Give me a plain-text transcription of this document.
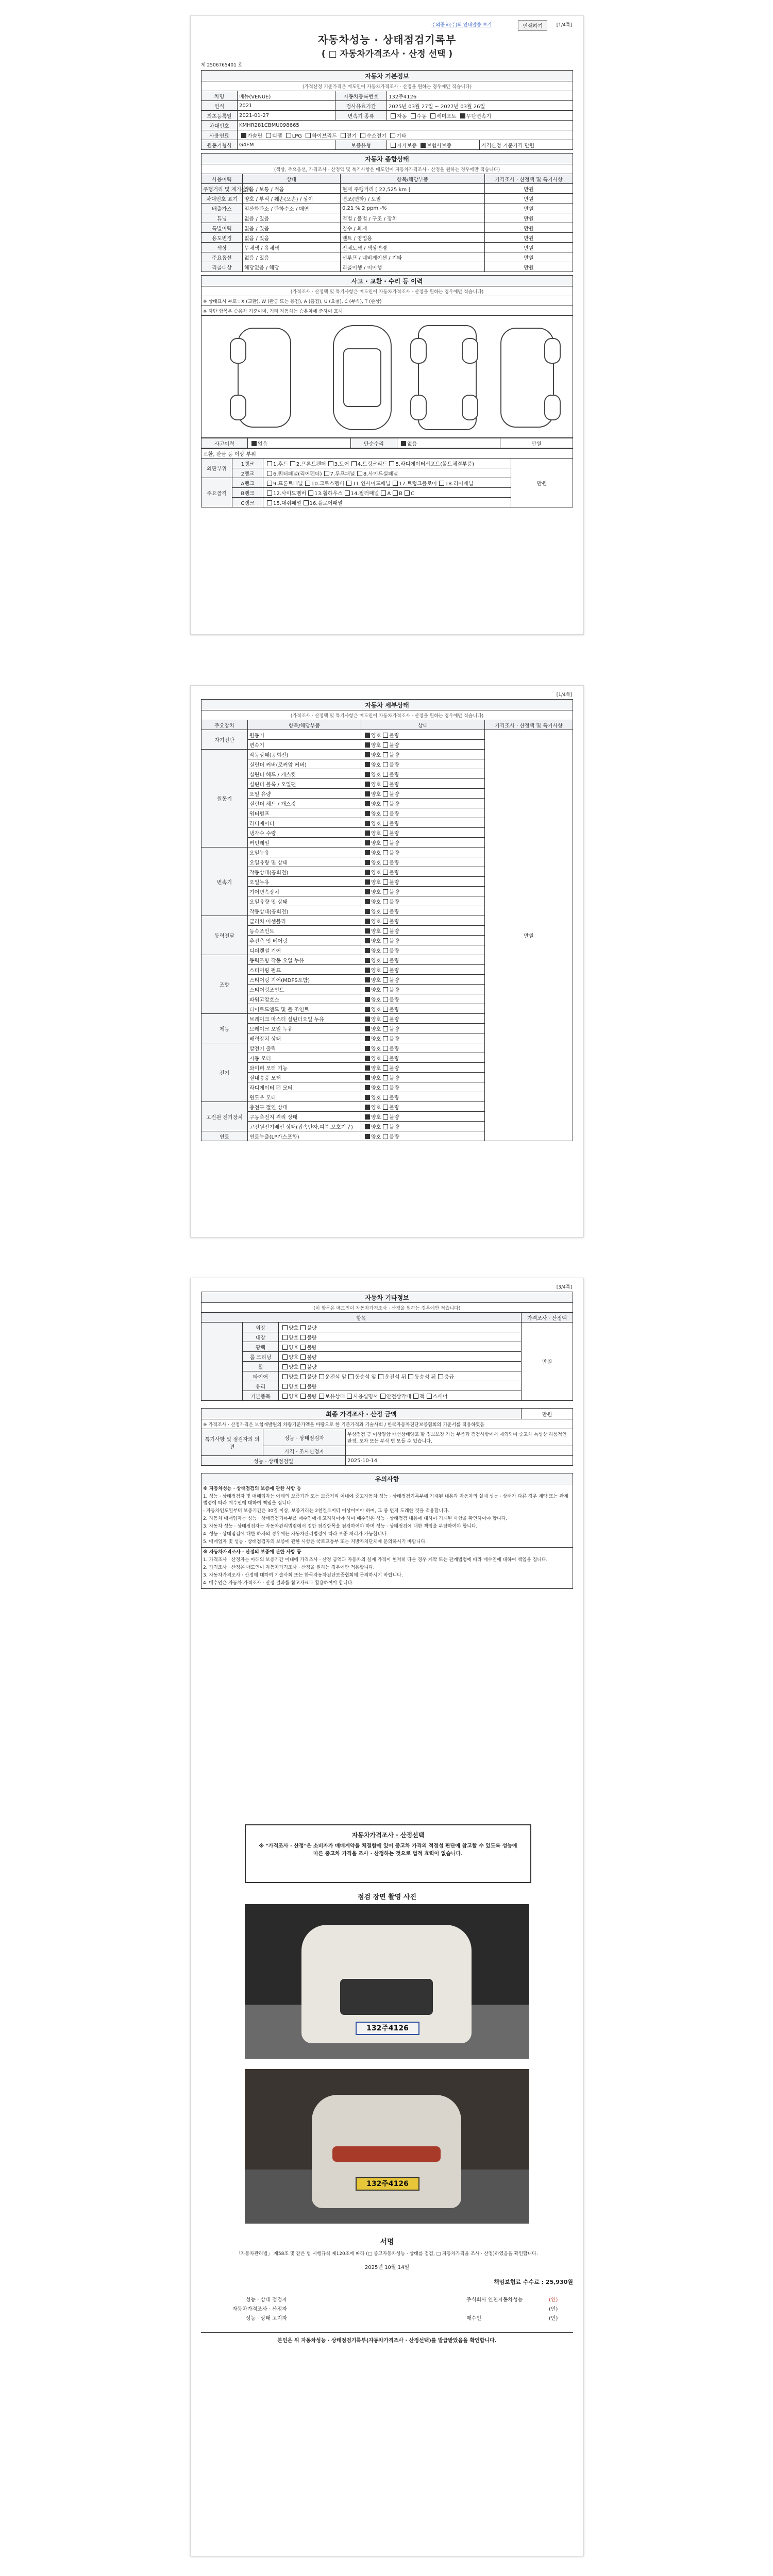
주의중요(주)의 안내말씀 보기	인쇄하기	[1/4쪽]
자동차성능 · 상태점검기록부
( □ 자동차가격조사 · 산정 선택 )
제 2506765401 호
자동차 기본정보				
(가격산정 기준가격은 매도인이 자동차가격조사 · 산정을 원하는 경우에만 적습니다)				
차명	베뉴(VENUE)	자동차등록번호	132주4126	
연식	2021	검사유효기간	2025년 03월 27일 ~ 2027년 03월 26일	
최초등록일	2021-01-27	변속기 종류	자동 수동 세미오토 무단변속기	
차대번호	KMHR281CBMU098665			
사용연료	가솔린 디젤 LPG 하이브리드 전기 수소전기 기타			
원동기형식	G4FM	보증유형	자가보증 보험사보증	가격산정 기준가격 만원
자동차 종합상태			
(색상, 주요옵션, 가격조사 · 산정액 및 특기사항은 매도인이 자동차가격조사 · 산정을 원하는 경우에만 적습니다)			
사용이력	상태	항목/해당부품	가격조사 · 산정액 및 특기사항
주행거리 및 계기상태	많음 / 보통 / 적음	현재 주행거리 [ 22,525 km ]	만원
차대번호 표기	양호 / 부식 / 훼손(오손) / 상이	변조(변타) / 도말	만원
배출가스	일산화탄소 / 탄화수소 / 매연	0.21 % 2 ppm -%	만원
튜닝	없음 / 있음	적법 / 불법 / 구조 / 장치	만원
특별이력	없음 / 있음	침수 / 화재	만원
용도변경	없음 / 있음	렌트 / 영업용	만원
색상	무채색 / 유채색	전체도색 / 색상변경	만원
주요옵션	없음 / 있음	선루프 / 네비게이션 / 기타	만원
리콜대상	해당없음 / 해당	리콜이행 / 미이행	만원
사고 · 교환 · 수리 등 이력
(가격조사 · 산정액 및 특기사항은 매도인이 자동차가격조사 · 산정을 원하는 경우에만 적습니다)
※ 상태표시 부호 : X (교환), W (판금 또는 용접), A (흠집), U (요철), C (부식), T (손상)
※ 하단 항목은 승용차 기준이며, 기타 자동차는 승용차에 준하여 표시

사고이력	없음	단순수리	없음	만원
교환, 판금 등 이상 부위			
외판부위	1랭크	1.후드 2.프론트펜더 3.도어 4.트렁크리드 5.라디에이터서포트(볼트체결부품)	만원
	2랭크	6.쿼터패널(리어펜더) 7.루프패널 8.사이드실패널	
주요골격	A랭크	9.프론트패널 10.크로스멤버 11.인사이드패널 17.트렁크플로어 18.리어패널	
	B랭크	12.사이드멤버 13.휠하우스 14.필러패널 A B C	
	C랭크	15.대쉬패널 16.플로어패널	
[1/4쪽]
자동차 세부상태			
(가격조사 · 산정액 및 특기사항은 매도인이 자동차가격조사 · 산정을 원하는 경우에만 적습니다)			
주요장치	항목/해당부품	상태	가격조사 · 산정액 및 특기사항
자기진단	원동기	양호 불량	만원
	변속기	양호 불량	
원동기	작동상태(공회전)	양호 불량	
	실린더 커버(로커암 커버)	양호 불량	
	실린더 헤드 / 개스킷	양호 불량	
	실린더 블록 / 오일팬	양호 불량	
	오일 유량	양호 불량	
	실린더 헤드 / 개스킷	양호 불량	
	워터펌프	양호 불량	
	라디에이터	양호 불량	
	냉각수 수량	양호 불량	
	커먼레일	양호 불량	
변속기	오일누유	양호 불량	
	오일유량 및 상태	양호 불량	
	작동상태(공회전)	양호 불량	
	오일누유	양호 불량	
	기어변속장치	양호 불량	
	오일유량 및 상태	양호 불량	
	작동상태(공회전)	양호 불량	
동력전달	클러치 어셈블리	양호 불량	
	등속조인트	양호 불량	
	추진축 및 베어링	양호 불량	
	디퍼렌셜 기어	양호 불량	
조향	동력조향 작동 오일 누유	양호 불량	
	스티어링 펌프	양호 불량	
	스티어링 기어(MDPS포함)	양호 불량	
	스티어링조인트	양호 불량	
	파워고압호스	양호 불량	
	타이로드엔드 및 볼 조인트	양호 불량	
제동	브레이크 마스터 실린더오일 누유	양호 불량	
	브레이크 오일 누유	양호 불량	
	배력장치 상태	양호 불량	
전기	발전기 출력	양호 불량	
	시동 모터	양호 불량	
	와이퍼 모터 기능	양호 불량	
	실내송풍 모터	양호 불량	
	라디에이터 팬 모터	양호 불량	
	윈도우 모터	양호 불량	
고전원 전기장치	충전구 절연 상태	양호 불량	
	구동축전지 격리 상태	양호 불량	
	고전원전기배선 상태(접속단자,피복,보호기구)	양호 불량	
연료	연료누출(LP가스포함)	양호 불량	
[3/4쪽]
자동차 기타정보			
(이 항목은 매도인이 자동차가격조사 · 산정을 원하는 경우에만 적습니다)			
항목			가격조사 · 산정액
	외장	양호 불량	만원
	내장	양호 불량	
	광택	양호 불량	
	룸 크리닝	양호 불량	
	휠	양호 불량	
	타이어	양호 불량 운전석 앞 동승석 앞 운전석 뒤 동승석 뒤 응급	
	유리	양호 불량	
	기본품목	양호 불량 보유상태 사용설명서 안전삼각대 잭 스패너	
최종 가격조사 · 산정 금액			만원
※ 가격조사 · 산정가격은 보험개발원의 차량기준가액을 바탕으로 한 기준가격과 기술사회 / 한국자동차진단보증협회의 기준서를 적용하였음			
특기사항 및 점검자의 의견	성능 · 상태점검자	무상점검 금 이상양함 배선상태양호 할 정보보장 가능 부품과 점검사항에서 제외되며 중고차 특성상 하품적인 판정, 오차 또는 부식 변 모들 수 있습니다.	
	가격 · 조사산정자		
성능 · 상태점검일		2025-10-14	
유의사항

※ 자동차성능 · 상태점검의 보증에 관한 사항 등

1. 성능 · 상태점검자 및 매매업자는 아래의 보증기간 또는 보증거리 이내에 중고자동차 성능 · 상태점검기록부에 기재된 내용과 자동차의 실제 성능 · 상태가 다른 경우 계약 또는 관계법령에 따라 매수인에 대하여 책임을 집니다.

- 자동차인도일부터 보증기간은 30일 이상, 보증거리는 2천킬로미터 이상이어야 하며, 그 중 먼저 도래한 것을 적용합니다.

2. 자동차 매매업자는 성능 · 상태점검기록부를 매수인에게 고지하여야 하며 매수인은 성능 · 상태점검 내용에 대하여 기재된 사항을 확인하여야 합니다.

3. 자동차 성능 · 상태점검자는 자동차관리법령에서 정한 점검항목을 점검하여야 하며 성능 · 상태점검에 대한 책임을 부담하여야 합니다.

4. 성능 · 상태점검에 대한 하자의 경우에는 자동차관리법령에 따라 보증 처리가 가능합니다.

5. 매매업자 및 성능 · 상태점검자의 보증에 관한 사항은 국토교통부 또는 지방자치단체에 문의하시기 바랍니다.

※ 자동차가격조사 · 산정의 보증에 관한 사항 등

1. 가격조사 · 산정자는 아래의 보증기간 이내에 가격조사 · 산정 금액과 자동차의 실제 가격이 현저히 다른 경우 계약 또는 관계법령에 따라 매수인에 대하여 책임을 집니다.

2. 가격조사 · 산정은 매도인이 자동차가격조사 · 산정을 원하는 경우에만 적용합니다.

3. 자동차가격조사 · 산정에 대하여 기술사회 또는 한국자동차진단보증협회에 문의하시기 바랍니다.

4. 매수인은 자동차 가격조사 · 산정 결과를 참고자료로 활용하여야 합니다.

자동차가격조사 · 산정선택
※ "가격조사 · 산정"은 소비자가 매매계약을 체결함에 있어 중고차 가격의 적정성 판단에 참고할 수 있도록 성능에 따른 중고차 가격을 조사 · 산정하는 것으로 법적 효력이 없습니다.
점검 장면 촬영 사진
132주4126
132주4126
서명
「자동차관리법」 제58조 및 같은 법 시행규칙 제120조에 따라 (□ 중고자동차성능 · 상태를 점검, □ 자동차가격을 조사 · 산정)하였음을 확인합니다.
2025년 10월 14일
책임보험료 수수료 : 25,930원
성능 · 상태 점검자		주식회사 인천자동차성능	(인)
자동차가격조사 · 산정자			(인)
성능 · 상태 고지자		매수인	(인)
본인은 위 자동차성능 · 상태점검기록부(자동차가격조사 · 산정선택)를 발급받았음을 확인합니다.
